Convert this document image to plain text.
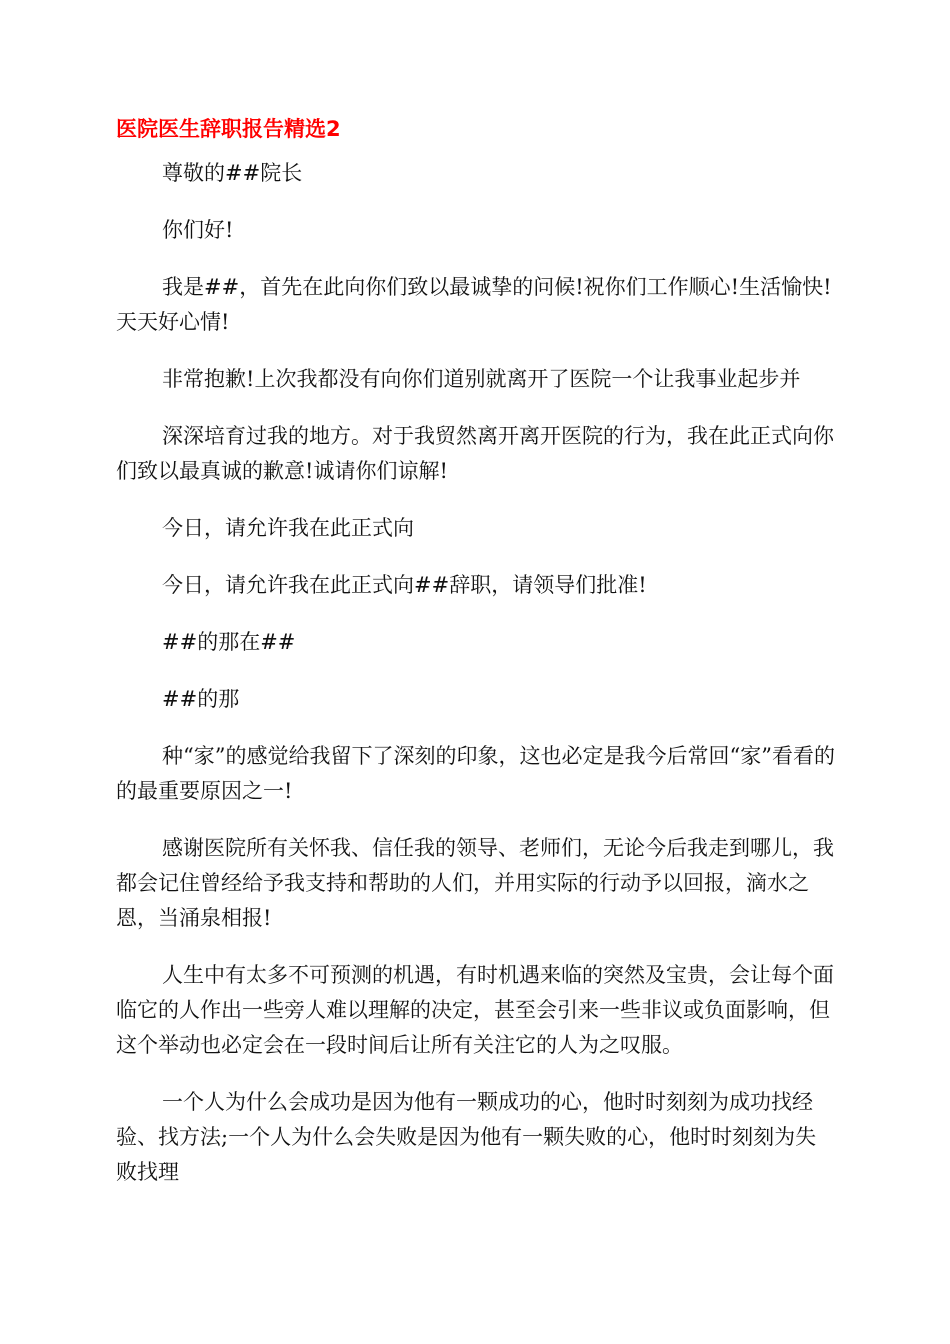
医院医生辞职报告精选2

尊敬的##院长

你们好!

我是##，首先在此向你们致以最诚挚的问候!祝你们工作顺心!生活愉快!天天好心情!

非常抱歉!上次我都没有向你们道别就离开了医院一个让我事业起步并

深深培育过我的地方。对于我贸然离开离开医院的行为，我在此正式向你们致以最真诚的歉意!诚请你们谅解!

今日，请允许我在此正式向

今日，请允许我在此正式向##辞职，请领导们批准!

##的那在##

##的那

种“家”的感觉给我留下了深刻的印象，这也必定是我今后常回“家”看看的的最重要原因之一!

感谢医院所有关怀我、信任我的领导、老师们，无论今后我走到哪儿，我都会记住曾经给予我支持和帮助的人们，并用实际的行动予以回报，滴水之恩，当涌泉相报!

人生中有太多不可预测的机遇，有时机遇来临的突然及宝贵，会让每个面临它的人作出一些旁人难以理解的决定，甚至会引来一些非议或负面影响，但这个举动也必定会在一段时间后让所有关注它的人为之叹服。

一个人为什么会成功是因为他有一颗成功的心，他时时刻刻为成功找经验、找方法;一个人为什么会失败是因为他有一颗失败的心，他时时刻刻为失败找理
